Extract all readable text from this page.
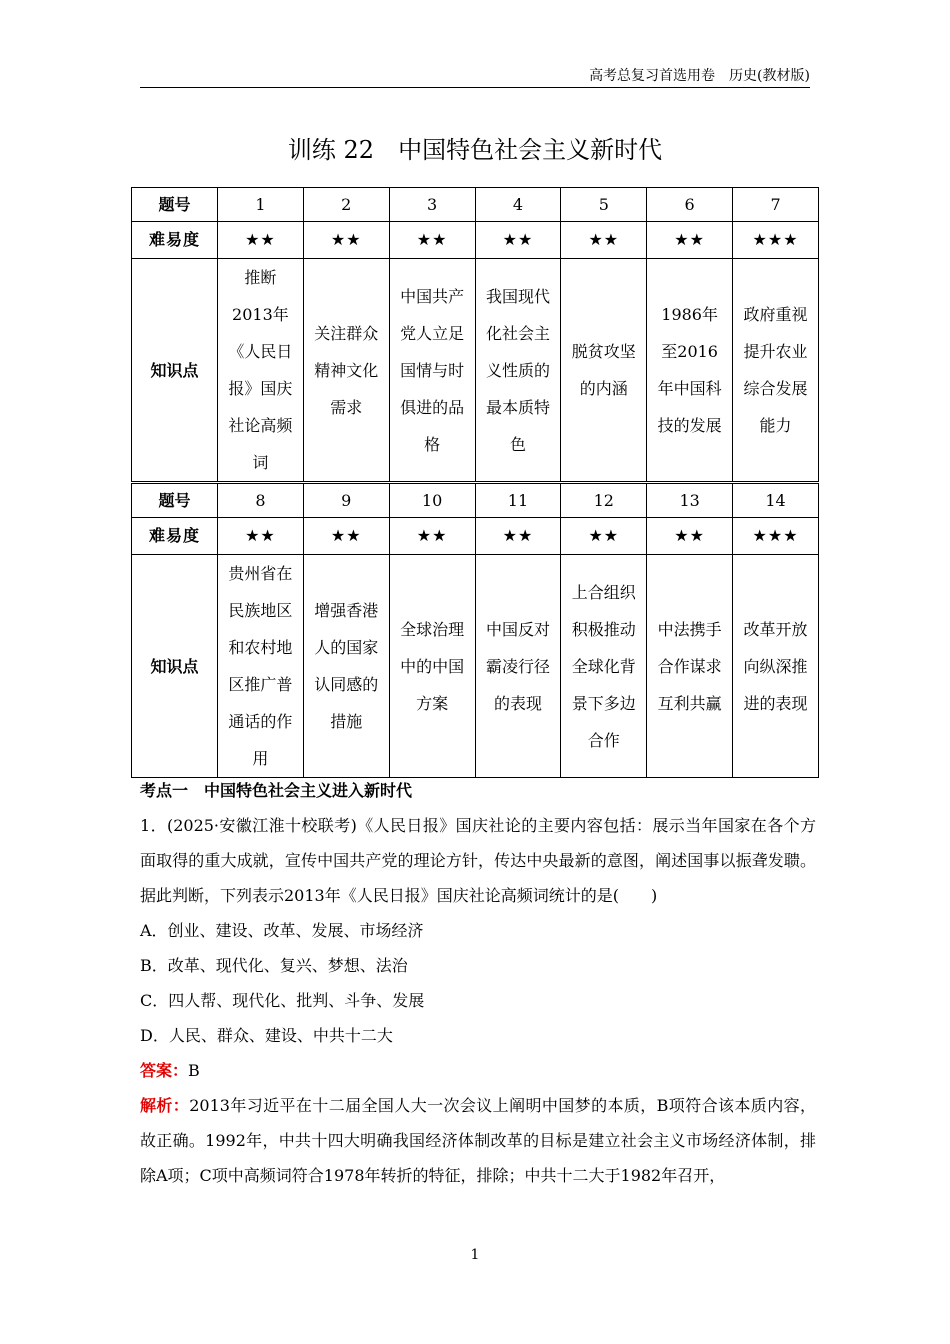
高考总复习首选用卷　历史(教材版)
训练 22　中国特色社会主义新时代
题号	1	2	3	4	5	6	7
难易度	★★	★★	★★	★★	★★	★★	★★★
知识点	推断2013年《人民日报》国庆社论高频词	关注群众精神文化需求	中国共产党人立足国情与时俱进的品格	我国现代化社会主义性质的最本质特色	脱贫攻坚的内涵	1986年至2016年中国科技的发展	政府重视提升农业综合发展能力
题号	8	9	10	11	12	13	14
难易度	★★	★★	★★	★★	★★	★★	★★★
知识点	贵州省在民族地区和农村地区推广普通话的作用	增强香港人的国家认同感的措施	全球治理中的中国方案	中国反对霸凌行径的表现	上合组织积极推动全球化背景下多边合作	中法携手合作谋求互利共赢	改革开放向纵深推进的表现

考点一　中国特色社会主义进入新时代

1．(2025·安徽江淮十校联考)《人民日报》国庆社论的主要内容包括：展示当年国家在各个方面取得的重大成就，宣传中国共产党的理论方针，传达中央最新的意图，阐述国事以振聋发聩。据此判断，下列表示2013年《人民日报》国庆社论高频词统计的是(　　)

A．创业、建设、改革、发展、市场经济

B．改革、现代化、复兴、梦想、法治

C．四人帮、现代化、批判、斗争、发展

D．人民、群众、建设、中共十二大

答案：B

解析：2013年习近平在十二届全国人大一次会议上阐明中国梦的本质，B项符合该本质内容，故正确。1992年，中共十四大明确我国经济体制改革的目标是建立社会主义市场经济体制，排除A项；C项中高频词符合1978年转折的特征，排除；中共十二大于1982年召开，

1
